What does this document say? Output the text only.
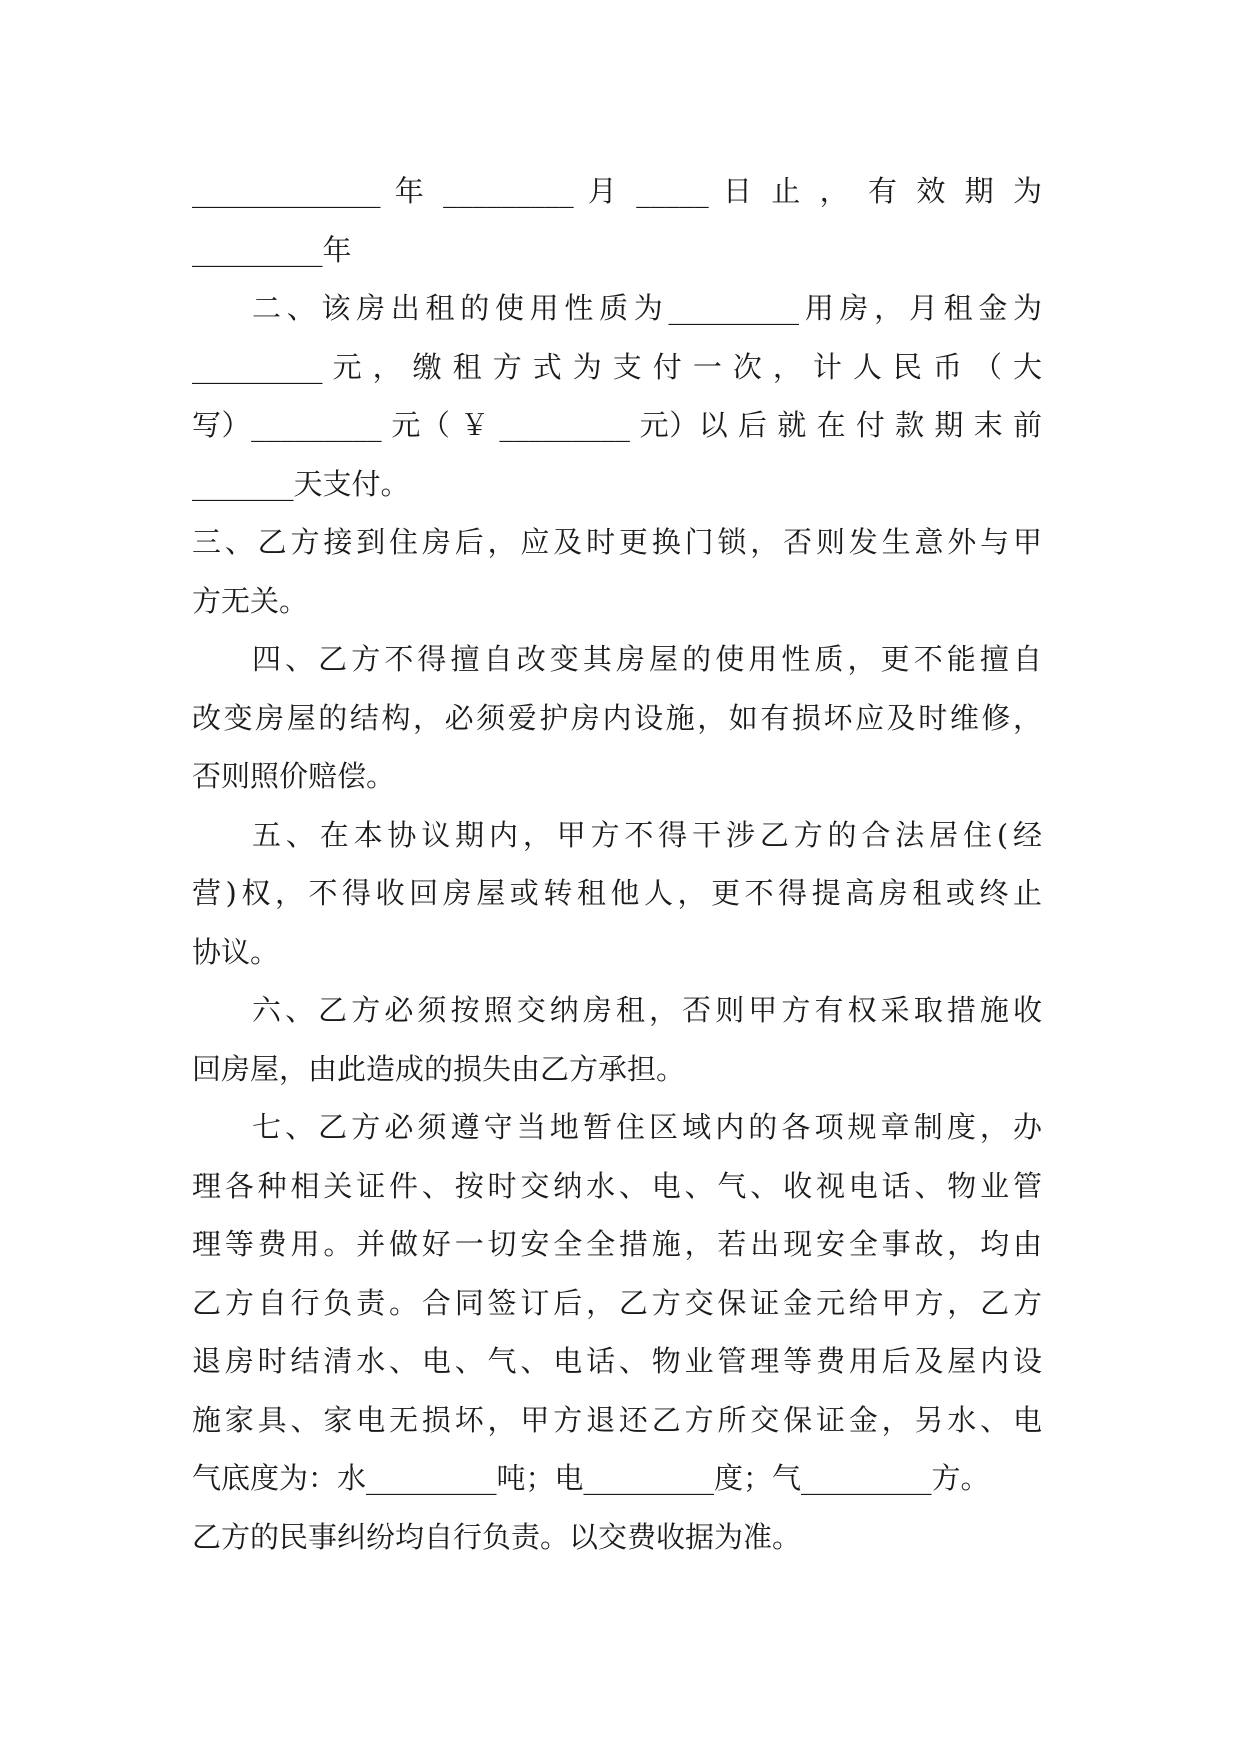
_____________ 年 _________ 月 _____ 日 止 ， 有 效 期 为
_________年
二、该房出租的使用性质为_________用房，月租金为
_________ 元 ， 缴 租 方 式 为 支 付 一 次 ， 计 人 民 币 （ 大
写）_________ 元（ ￥ _________ 元）以 后 就 在 付 款 期 末 前
_______天支付。
三、乙方接到住房后，应及时更换门锁，否则发生意外与甲
方无关。
四、乙方不得擅自改变其房屋的使用性质，更不能擅自
改变房屋的结构，必须爱护房内设施，如有损坏应及时维修，
否则照价赔偿。
五、在本协议期内，甲方不得干涉乙方的合法居住(经
营)权，不得收回房屋或转租他人，更不得提高房租或终止
协议。
六、乙方必须按照交纳房租，否则甲方有权采取措施收
回房屋，由此造成的损失由乙方承担。
七、乙方必须遵守当地暂住区域内的各项规章制度，办
理各种相关证件、按时交纳水、电、气、收视电话、物业管
理等费用。并做好一切安全全措施，若出现安全事故，均由
乙方自行负责。合同签订后，乙方交保证金元给甲方，乙方
退房时结清水、电、气、电话、物业管理等费用后及屋内设
施家具、家电无损坏，甲方退还乙方所交保证金，另水、电
气底度为：水_________吨；电_________度；气_________方。
乙方的民事纠纷均自行负责。以交费收据为准。
